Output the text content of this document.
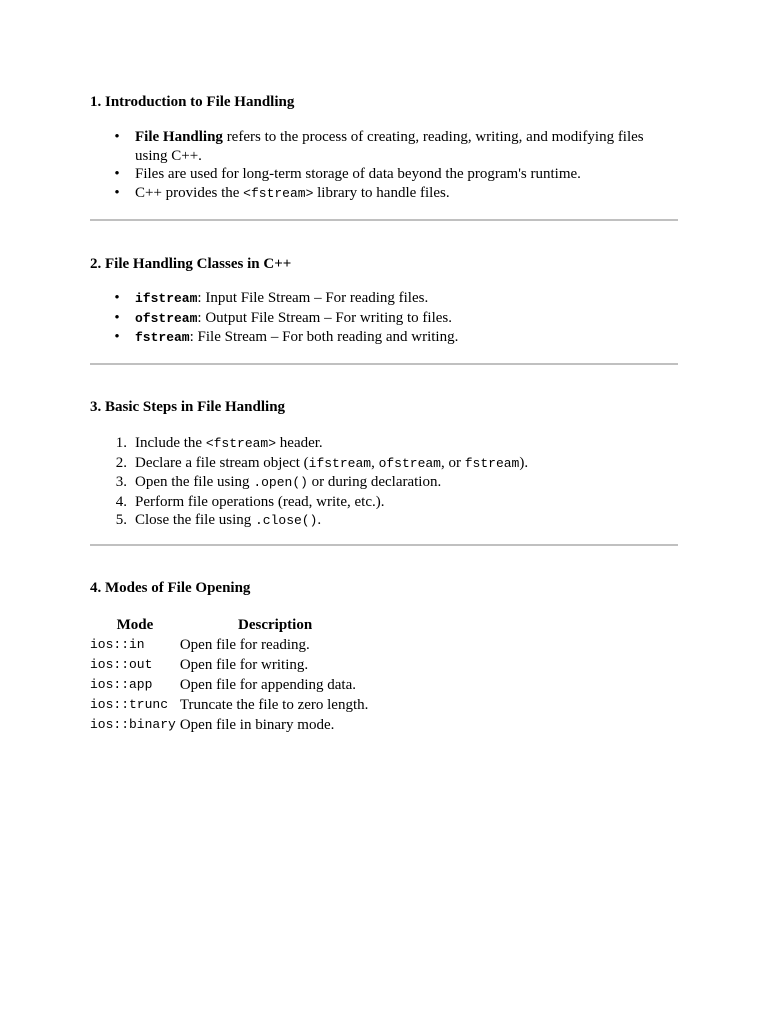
1. Introduction to File Handling
•
File Handling refers to the process of creating, reading, writing, and modifying files
using C++.
•
Files are used for long-term storage of data beyond the program's runtime.
•
C++ provides the <fstream> library to handle files.
2. File Handling Classes in C++
•
ifstream: Input File Stream – For reading files.
•
ofstream: Output File Stream – For writing to files.
•
fstream: File Stream – For both reading and writing.
3. Basic Steps in File Handling
1. Include the <fstream> header.
2. Declare a file stream object (ifstream, ofstream, or fstream).
3. Open the file using .open() or during declaration.
4. Perform file operations (read, write, etc.).
5. Close the file using .close().
4. Modes of File Opening
Mode	Description
ios::in	Open file for reading.
ios::out	Open file for writing.
ios::app	Open file for appending data.
ios::trunc	Truncate the file to zero length.
ios::binary	Open file in binary mode.
